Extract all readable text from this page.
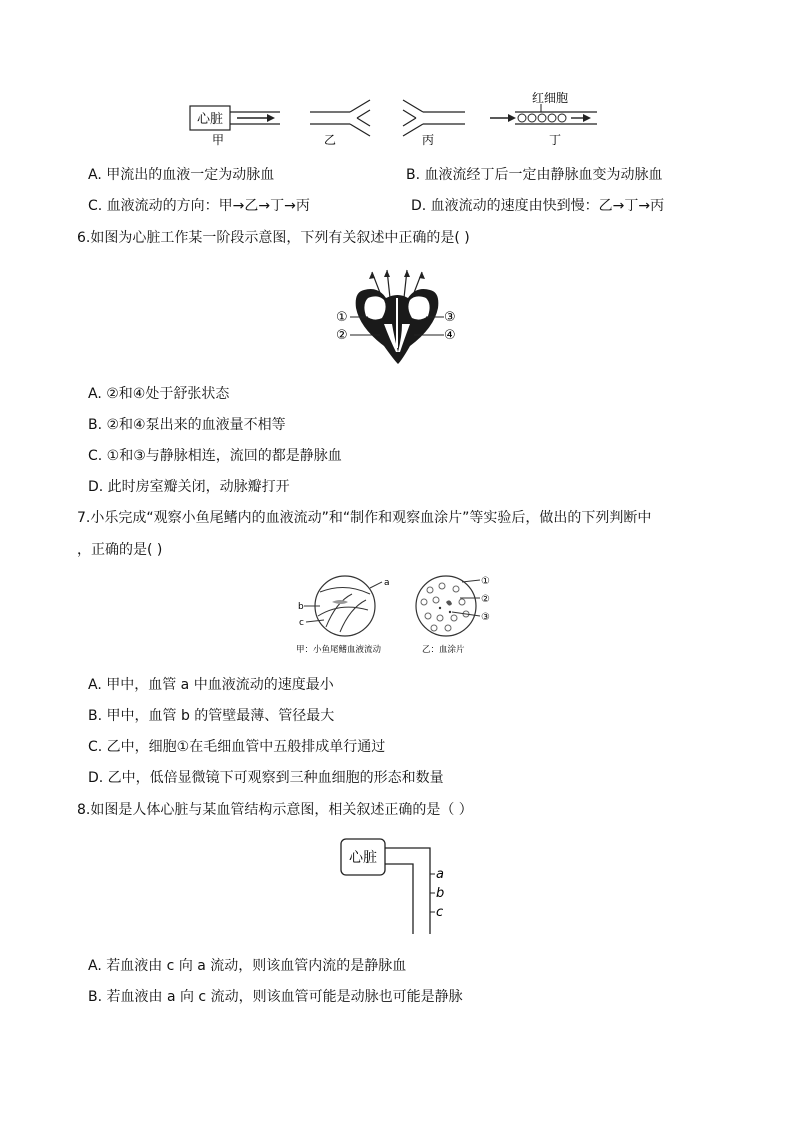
心脏
甲	乙	丙
红细胞
丁
A. 甲流出的血液一定为动脉血	B. 血液流经丁后一定由静脉血变为动脉血
C. 血液流动的方向：甲→乙→丁→丙	D. 血液流动的速度由快到慢：乙→丁→丙
6.如图为心脏工作某一阶段示意图，下列有关叙述中正确的是( )
①
②
③
④
A. ②和④处于舒张状态
B. ②和④泵出来的血液量不相等
C. ①和③与静脉相连，流回的都是静脉血
D. 此时房室瓣关闭，动脉瓣打开
7.小乐完成“观察小鱼尾鳍内的血液流动”和“制作和观察血涂片”等实验后，做出的下列判断中
，正确的是( )
a
b
c
甲：小鱼尾鳍血液流动
①
②
③
乙：血涂片
A. 甲中，血管 a 中血液流动的速度最小
B. 甲中，血管 b 的管壁最薄、管径最大
C. 乙中，细胞①在毛细血管中五般排成单行通过
D. 乙中，低倍显微镜下可观察到三种血细胞的形态和数量
8.如图是人体心脏与某血管结构示意图，相关叙述正确的是（ ）
心脏
a
b
c
A. 若血液由 c 向 a 流动，则该血管内流的是静脉血
B. 若血液由 a 向 c 流动，则该血管可能是动脉也可能是静脉
